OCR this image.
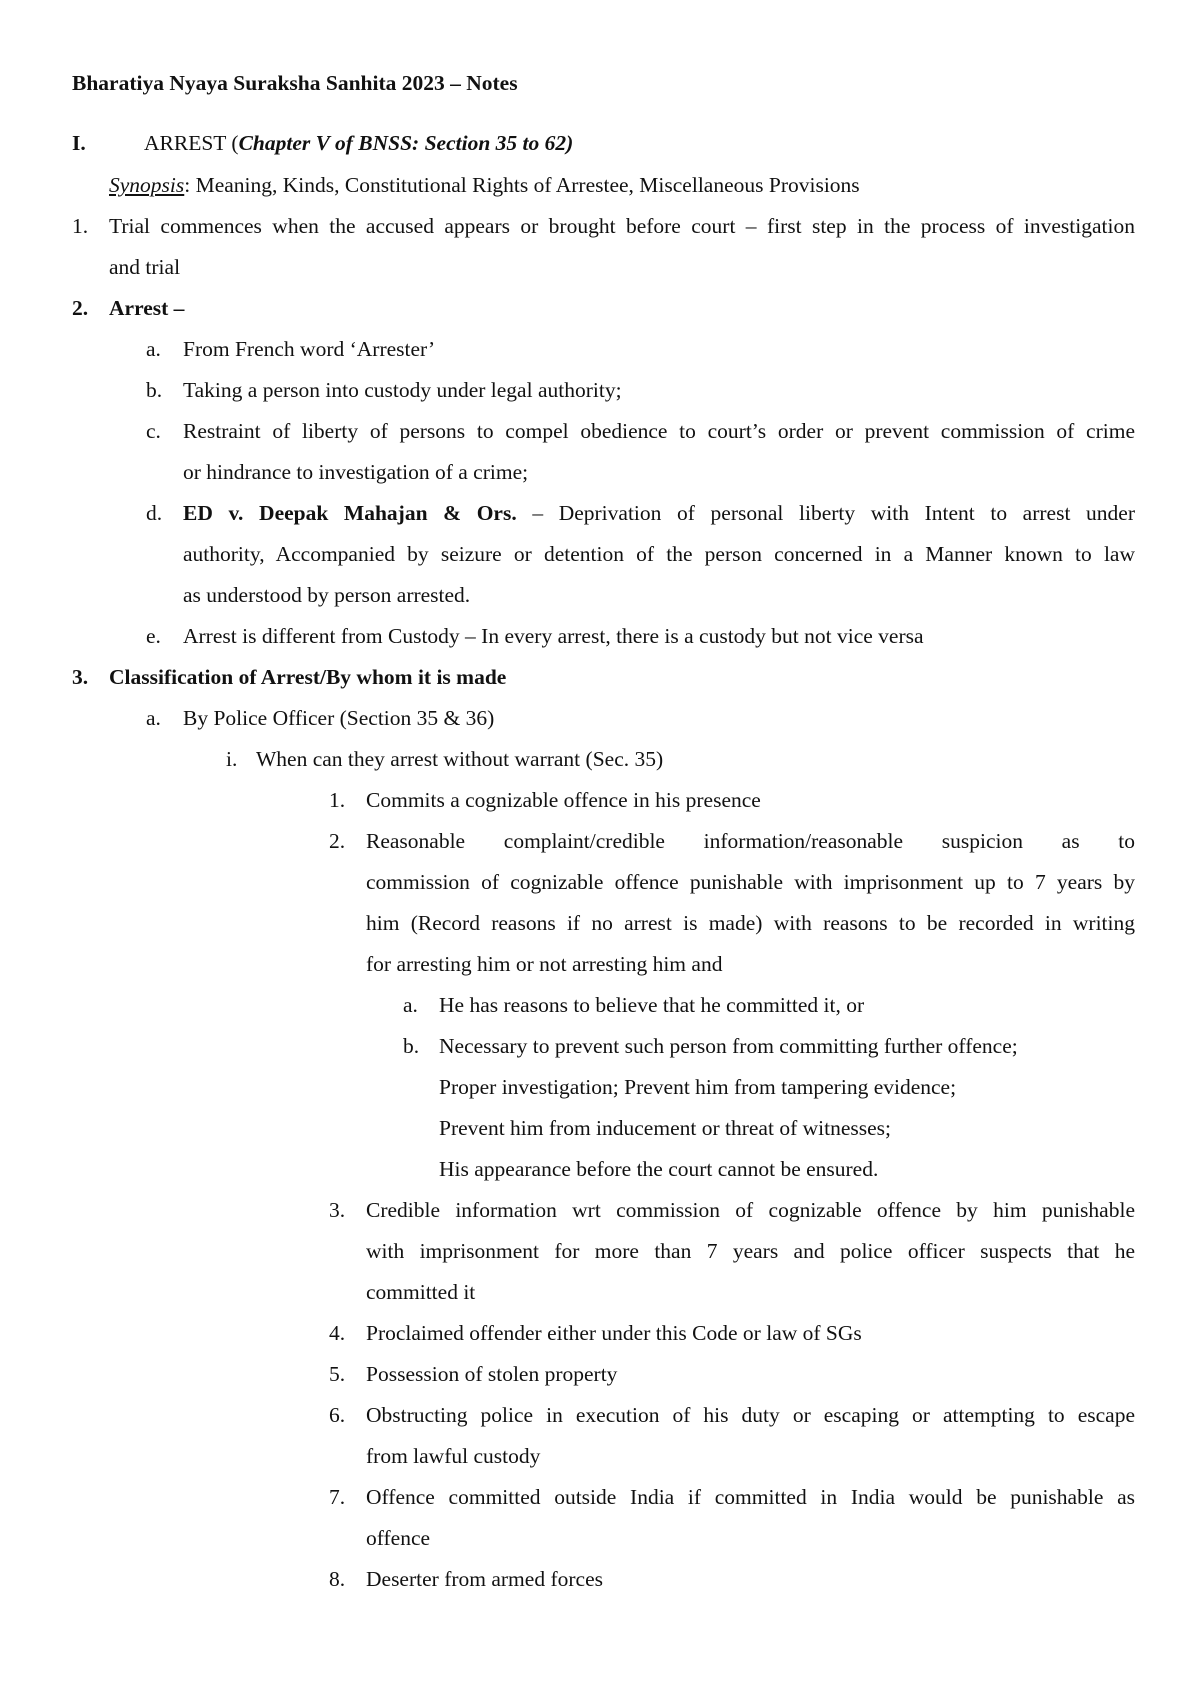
Bharatiya Nyaya Suraksha Sanhita 2023 – Notes
I.	ARREST (Chapter V of BNSS: Section 35 to 62)
Synopsis: Meaning, Kinds, Constitutional Rights of Arrestee, Miscellaneous Provisions
1. Trial commences when the accused appears or brought before court – first step in the process of investigation
and trial
2. Arrest –
a. From French word ‘Arrester’
b. Taking a person into custody under legal authority;
c. Restraint of liberty of persons to compel obedience to court’s order or prevent commission of crime
or hindrance to investigation of a crime;
d. ED v. Deepak Mahajan & Ors. – Deprivation of personal liberty with Intent to arrest under
authority, Accompanied by seizure or detention of the person concerned in a Manner known to law
as understood by person arrested.
e. Arrest is different from Custody – In every arrest, there is a custody but not vice versa
3. Classification of Arrest/By whom it is made
a. By Police Officer (Section 35 & 36)
i. When can they arrest without warrant (Sec. 35)
1. Commits a cognizable offence in his presence
2. Reasonable complaint/credible information/reasonable suspicion as to
commission of cognizable offence punishable with imprisonment up to 7 years by
him (Record reasons if no arrest is made) with reasons to be recorded in writing
for arresting him or not arresting him and
a. He has reasons to believe that he committed it, or
b. Necessary to prevent such person from committing further offence;
Proper investigation; Prevent him from tampering evidence;
Prevent him from inducement or threat of witnesses;
His appearance before the court cannot be ensured.
3. Credible information wrt commission of cognizable offence by him punishable
with imprisonment for more than 7 years and police officer suspects that he
committed it
4. Proclaimed offender either under this Code or law of SGs
5. Possession of stolen property
6. Obstructing police in execution of his duty or escaping or attempting to escape
from lawful custody
7. Offence committed outside India if committed in India would be punishable as
offence
8. Deserter from armed forces
